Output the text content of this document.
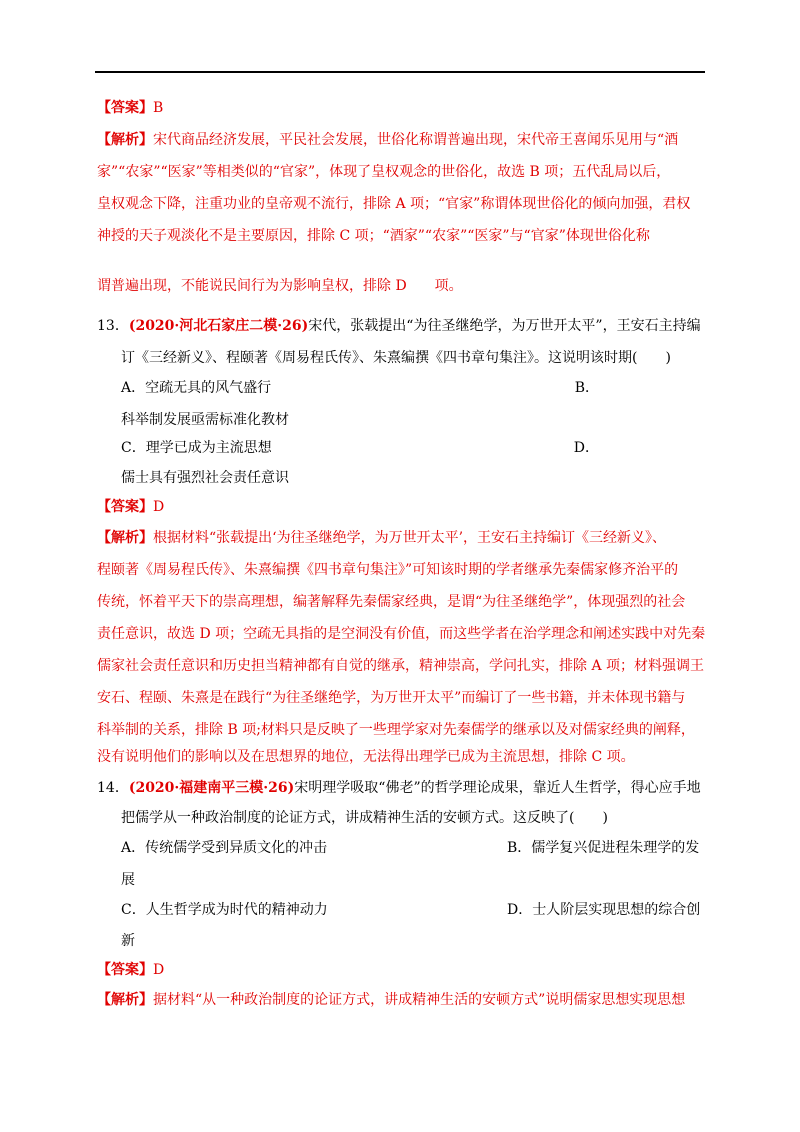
【答案】B
【解析】宋代商品经济发展，平民社会发展，世俗化称谓普遍出现，宋代帝王喜闻乐见用与“酒
家”“农家”“医家”等相类似的“官家”，体现了皇权观念的世俗化，故选 B 项；五代乱局以后，
皇权观念下降，注重功业的皇帝观不流行，排除 A 项；“官家”称谓体现世俗化的倾向加强，君权
神授的天子观淡化不是主要原因，排除 C 项；“酒家”“农家”“医家”与“官家”体现世俗化称
谓普遍出现，不能说民间行为为影响皇权，排除 D　　项。
13．(2020·河北石家庄二模·26)宋代，张载提出“为往圣继绝学，为万世开太平”，王安石主持编
订《三经新义》、程颐著《周易程氏传》、朱熹编撰《四书章句集注》。这说明该时期(　　)
A．空疏无具的风气盛行	B．
科举制发展亟需标准化教材
C．理学已成为主流思想	D．
儒士具有强烈社会责任意识
【答案】D
【解析】根据材料“张载提出‘为往圣继绝学，为万世开太平’，王安石主持编订《三经新义》、
程颐著《周易程氏传》、朱熹编撰《四书章句集注》”可知该时期的学者继承先秦儒家修齐治平的
传统，怀着平天下的崇高理想，编著解释先秦儒家经典，是谓“为往圣继绝学”，体现强烈的社会
责任意识，故选 D 项；空疏无具指的是空洞没有价值，而这些学者在治学理念和阐述实践中对先秦
儒家社会责任意识和历史担当精神都有自觉的继承，精神崇高，学问扎实，排除 A 项；材料强调王
安石、程颐、朱熹是在践行“为往圣继绝学，为万世开太平”而编订了一些书籍，并未体现书籍与
科举制的关系，排除 B 项;材料只是反映了一些理学家对先秦儒学的继承以及对儒家经典的阐释，
没有说明他们的影响以及在思想界的地位，无法得出理学已成为主流思想，排除 C 项。
14．(2020·福建南平三模·26)宋明理学吸取“佛老”的哲学理论成果，靠近人生哲学，得心应手地
把儒学从一种政治制度的论证方式，讲成精神生活的安顿方式。这反映了(　　)
A．传统儒学受到异质文化的冲击	B．儒学复兴促进程朱理学的发
展
C．人生哲学成为时代的精神动力	D．士人阶层实现思想的综合创
新
【答案】D
【解析】据材料“从一种政治制度的论证方式，讲成精神生活的安顿方式”说明儒家思想实现思想
